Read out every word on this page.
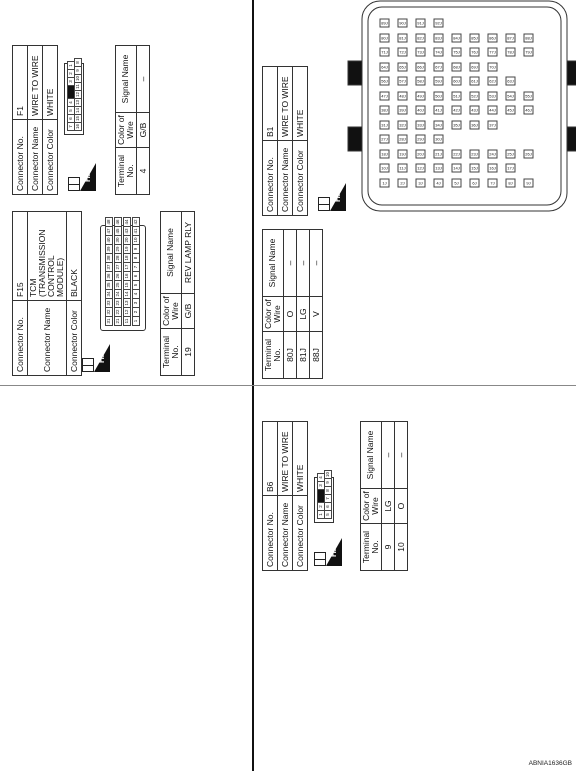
Connector No.	F1
Connector Name	WIRE TO WIRE
Connector Color	WHITE
H.S.
7
6
5
4
3
2
1
16
15
14
13
12
11
10
9
8
Terminal No.	Color of Wire	Signal Name
4	G/B	–
Connector No.	F15
Connector Name	TCM (TRANSMISSION CONTROL MODULE)
Connector Color	BLACK
H.S.
31
32
33
34
35
36
37
38
39
40
47
48
21
22
23
24
25
26
27
28
29
30
45
46
11
12
13
14
15
16
17
18
19
20
43
44
1
2
3
4
5
6
7
8
9
10
41
42
Terminal No.	Color of Wire	Signal Name
19	G/B	REV LAMP RLY
Connector No.	B1
Connector Name	WIRE TO WIRE
Connector Color	WHITE
H.S.
1J	2J	3J	4J	5J	6J	7J	8J	9J
10J	11J	12J	13J	14J	15J	16J	17J
18J	19J	20J	21J	22J	23J	24J	25J	26J
27J	28J	29J	30J
31J	32J	33J	34J	35J	36J	37J
38J	39J	40J	41J	42J	43J	44J	45J	46J
47J	48J	49J	50J	51J	52J	53J	54J	55J
56J	57J	58J	59J	60J	61J	62J	63J
64J	65J	66J	67J	68J	69J	70J
71J	72J	73J	74J	75J	76J	77J	78J	79J
80J	81J	82J	83J	84J	85J	86J	87J	88J
89J	90J	91J	92J
Terminal No.	Color of Wire	Signal Name
80J	O	–
81J	LG	–
88J	V	–
Connector No.	B6
Connector Name	WIRE TO WIRE
Connector Color	WHITE
H.S.
1
2
3
4
5
6
7
8
9
10
Terminal No.	Color of Wire	Signal Name
9	LG	–
10	O	–
ABNIA1636GB
